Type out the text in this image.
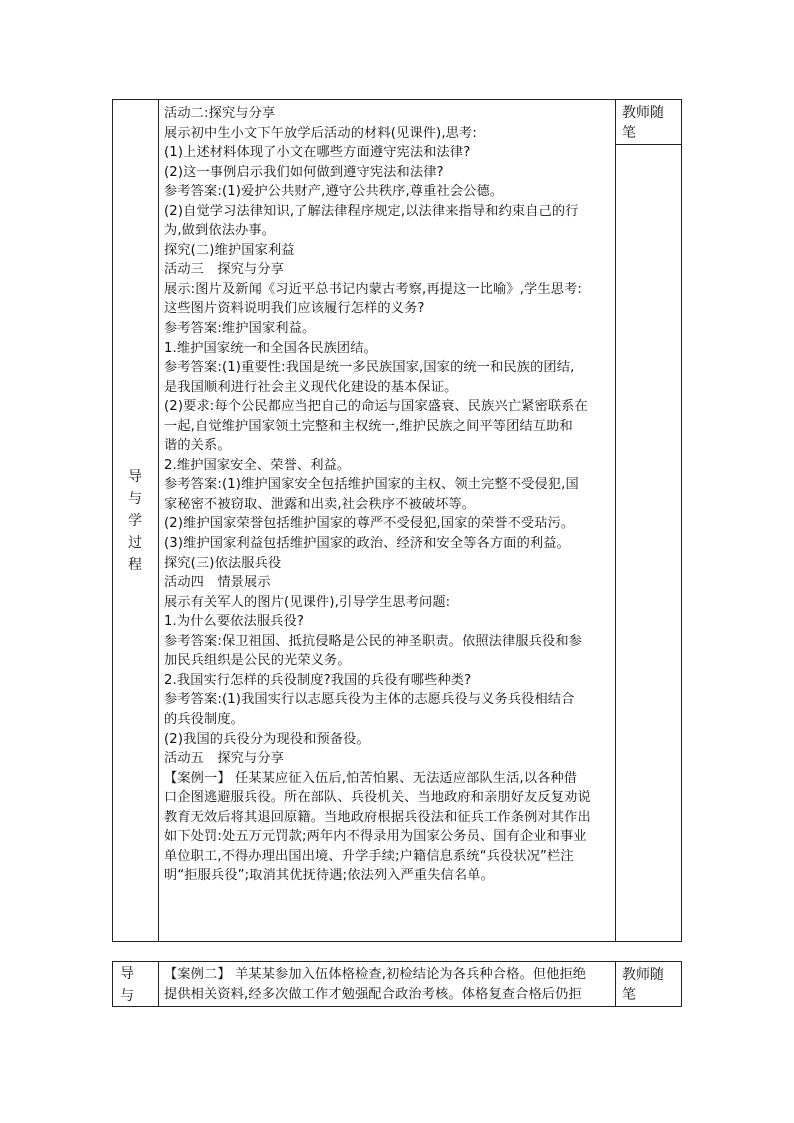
导
与
学
过
程
活动二:探究与分享
展示初中生小文下午放学后活动的材料(见课件),思考:
(1)上述材料体现了小文在哪些方面遵守宪法和法律?
(2)这一事例启示我们如何做到遵守宪法和法律?
参考答案:(1)爱护公共财产,遵守公共秩序,尊重社会公德。
(2)自觉学习法律知识,了解法律程序规定,以法律来指导和约束自己的行
为,做到依法办事。
探究(二)维护国家利益
活动三　探究与分享
展示:图片及新闻《习近平总书记内蒙古考察,再提这一比喻》,学生思考:
这些图片资料说明我们应该履行怎样的义务?
参考答案:维护国家利益。
1.维护国家统一和全国各民族团结。
参考答案:(1)重要性:我国是统一多民族国家,国家的统一和民族的团结,
是我国顺利进行社会主义现代化建设的基本保证。
(2)要求:每个公民都应当把自己的命运与国家盛衰、民族兴亡紧密联系在
一起,自觉维护国家领土完整和主权统一,维护民族之间平等团结互助和
谐的关系。
2.维护国家安全、荣誉、利益。
参考答案:(1)维护国家安全包括维护国家的主权、领土完整不受侵犯,国
家秘密不被窃取、泄露和出卖,社会秩序不被破坏等。
(2)维护国家荣誉包括维护国家的尊严不受侵犯,国家的荣誉不受玷污。
(3)维护国家利益包括维护国家的政治、经济和安全等各方面的利益。
探究(三)依法服兵役
活动四　情景展示
展示有关军人的图片(见课件),引导学生思考问题:
1.为什么要依法服兵役?
参考答案:保卫祖国、抵抗侵略是公民的神圣职责。依照法律服兵役和参
加民兵组织是公民的光荣义务。
2.我国实行怎样的兵役制度?我国的兵役有哪些种类?
参考答案:(1)我国实行以志愿兵役为主体的志愿兵役与义务兵役相结合
的兵役制度。
(2)我国的兵役分为现役和预备役。
活动五　探究与分享
【案例一】 任某某应征入伍后,怕苦怕累、无法适应部队生活,以各种借
口企图逃避服兵役。所在部队、兵役机关、当地政府和亲朋好友反复劝说
教育无效后将其退回原籍。当地政府根据兵役法和征兵工作条例对其作出
如下处罚:处五万元罚款;两年内不得录用为国家公务员、国有企业和事业
单位职工,不得办理出国出境、升学手续;户籍信息系统“兵役状况”栏注
明“拒服兵役”;取消其优抚待遇;依法列入严重失信名单。
教师随
笔
导
与
【案例二】 羊某某参加入伍体格检查,初检结论为各兵种合格。但他拒绝
提供相关资料,经多次做工作才勉强配合政治考核。体格复查合格后仍拒
教师随
笔
